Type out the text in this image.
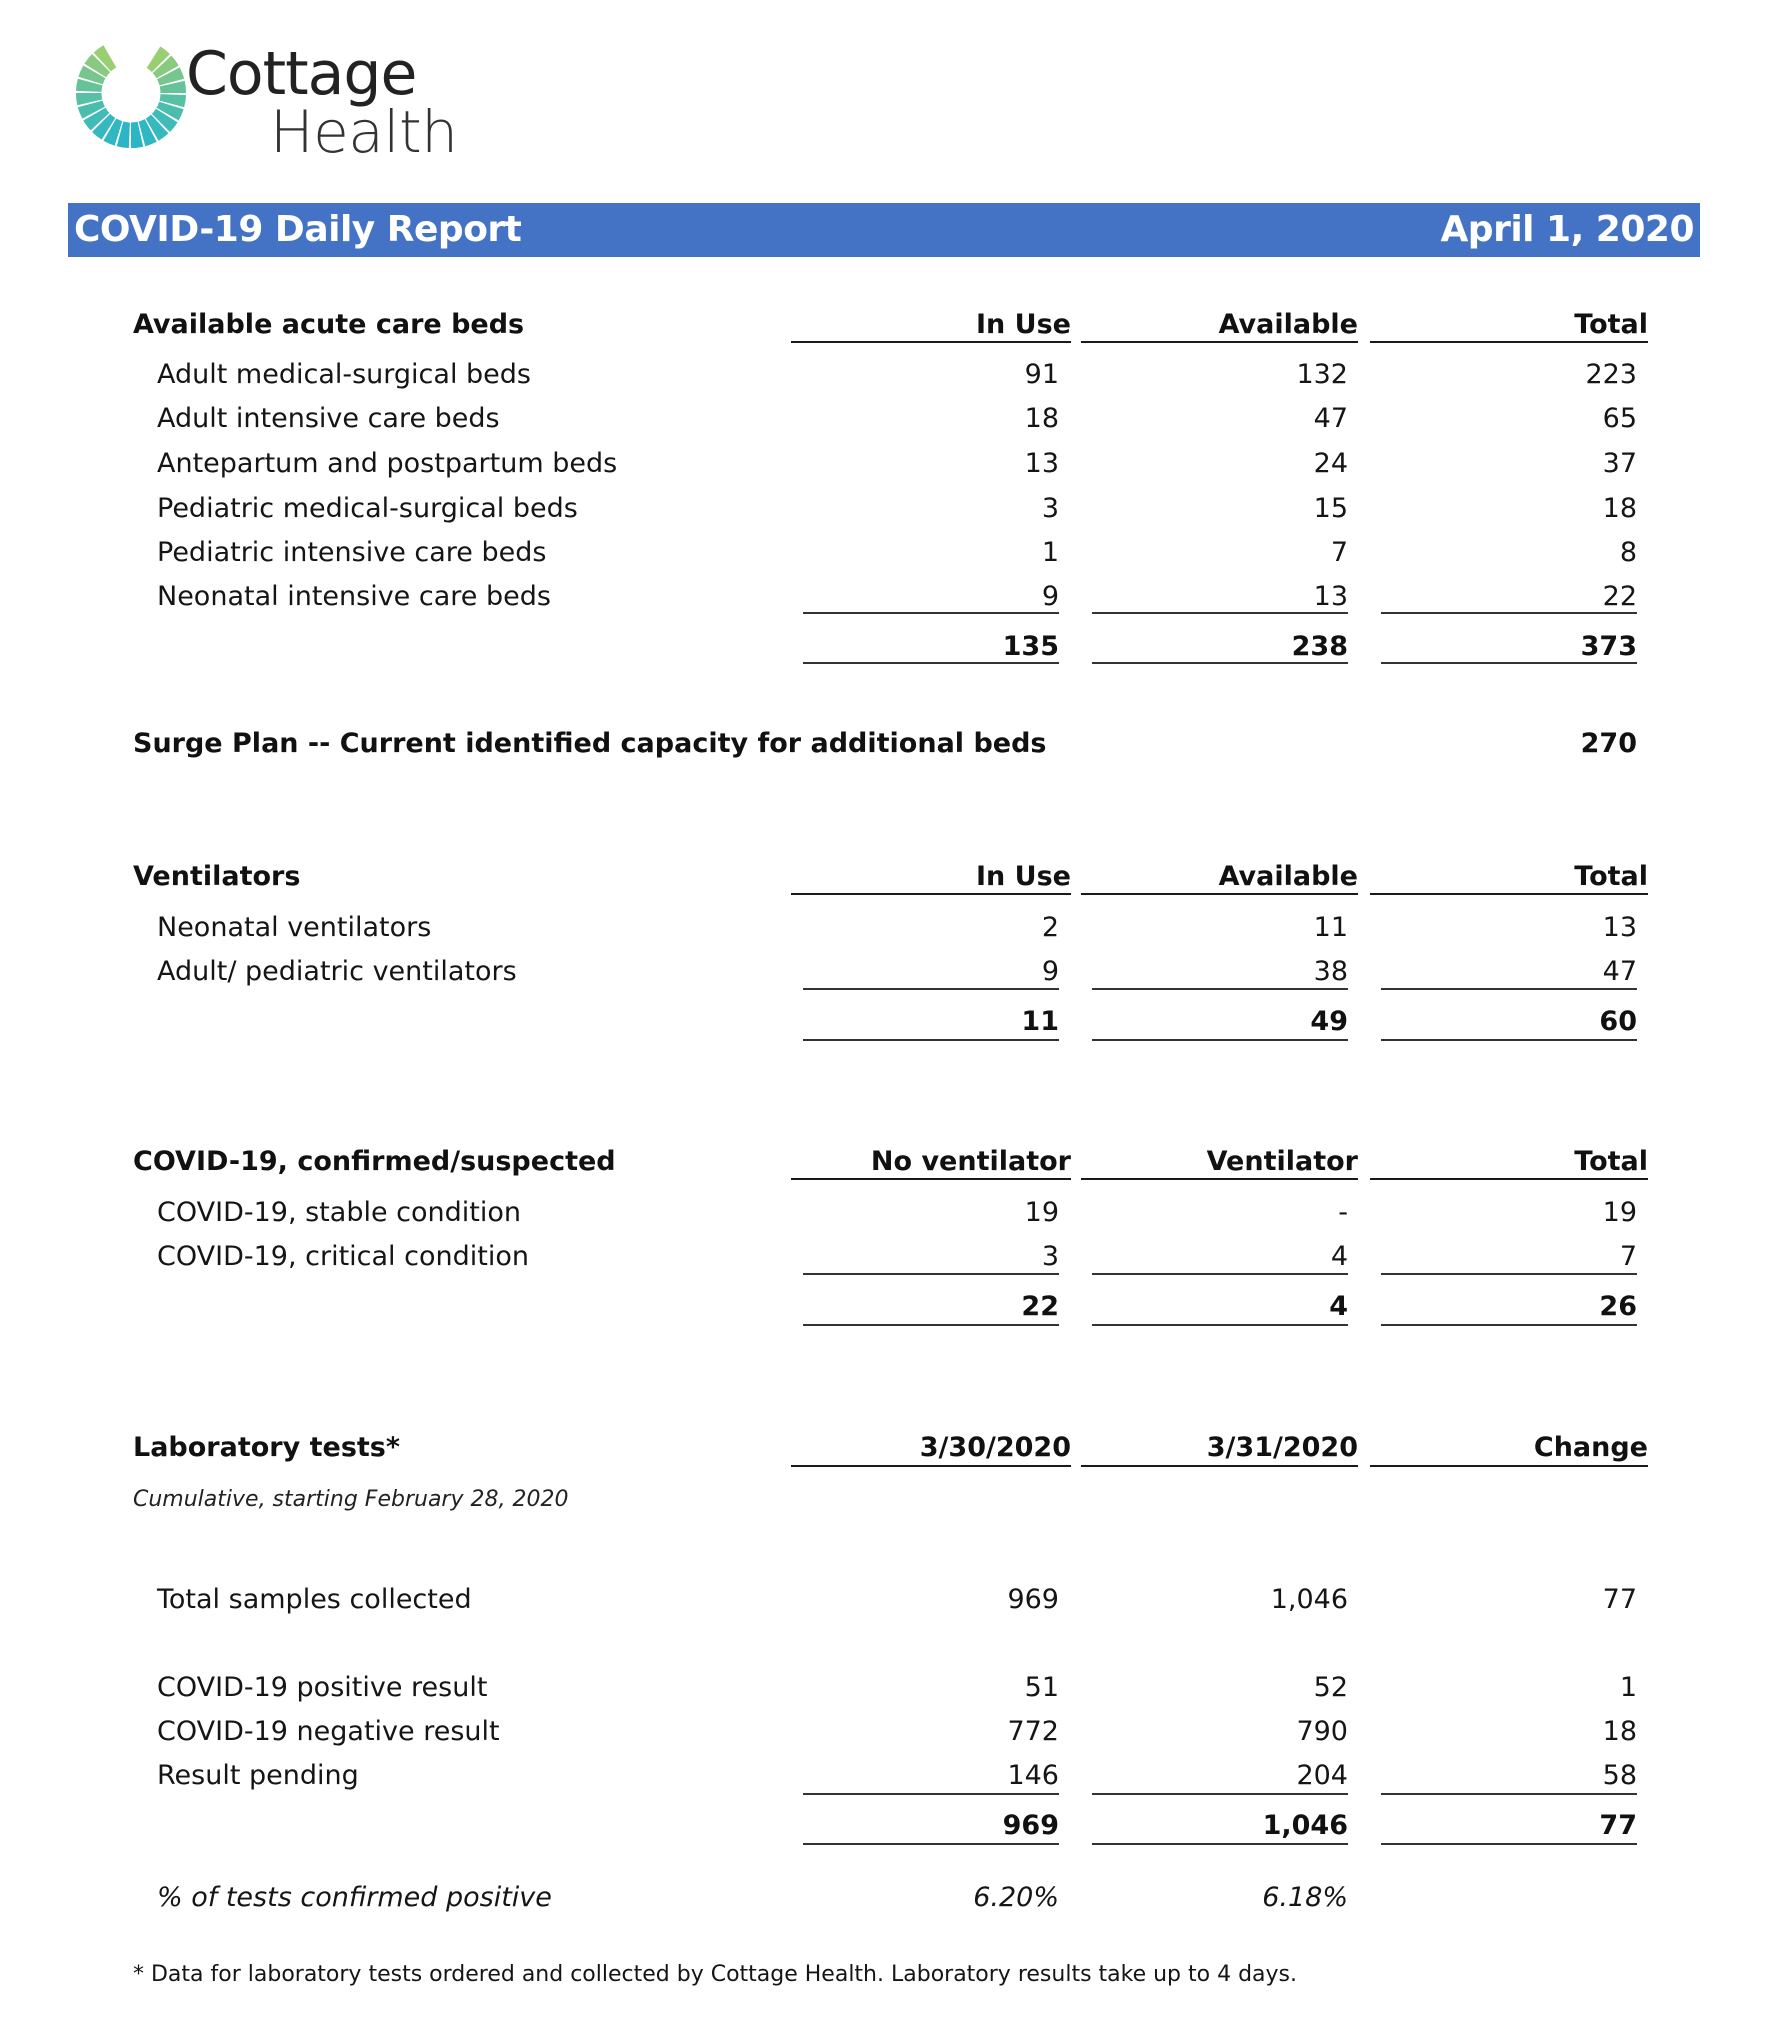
Cottage
Health
COVID-19 Daily Report	April 1, 2020
Available acute care beds	In Use	Available	Total
Adult medical-surgical beds	91	132	223
Adult intensive care beds	18	47	65
Antepartum and postpartum beds	13	24	37
Pediatric medical-surgical beds	3	15	18
Pediatric intensive care beds	1	7	8
Neonatal intensive care beds	9	13	22
135	238	373
Surge Plan -- Current identified capacity for additional beds	270
Ventilators	In Use	Available	Total
Neonatal ventilators	2	11	13
Adult/ pediatric ventilators	9	38	47
11	49	60
COVID-19, confirmed/suspected	No ventilator	Ventilator	Total
COVID-19, stable condition	19	-	19
COVID-19, critical condition	3	4	7
22	4	26
Laboratory tests*	3/30/2020	3/31/2020	Change
Cumulative, starting February 28, 2020
Total samples collected	969	1,046	77
COVID-19 positive result	51	52	1
COVID-19 negative result	772	790	18
Result pending	146	204	58
969	1,046	77
% of tests confirmed positive	6.20%	6.18%
* Data for laboratory tests ordered and collected by Cottage Health. Laboratory results take up to 4 days.
